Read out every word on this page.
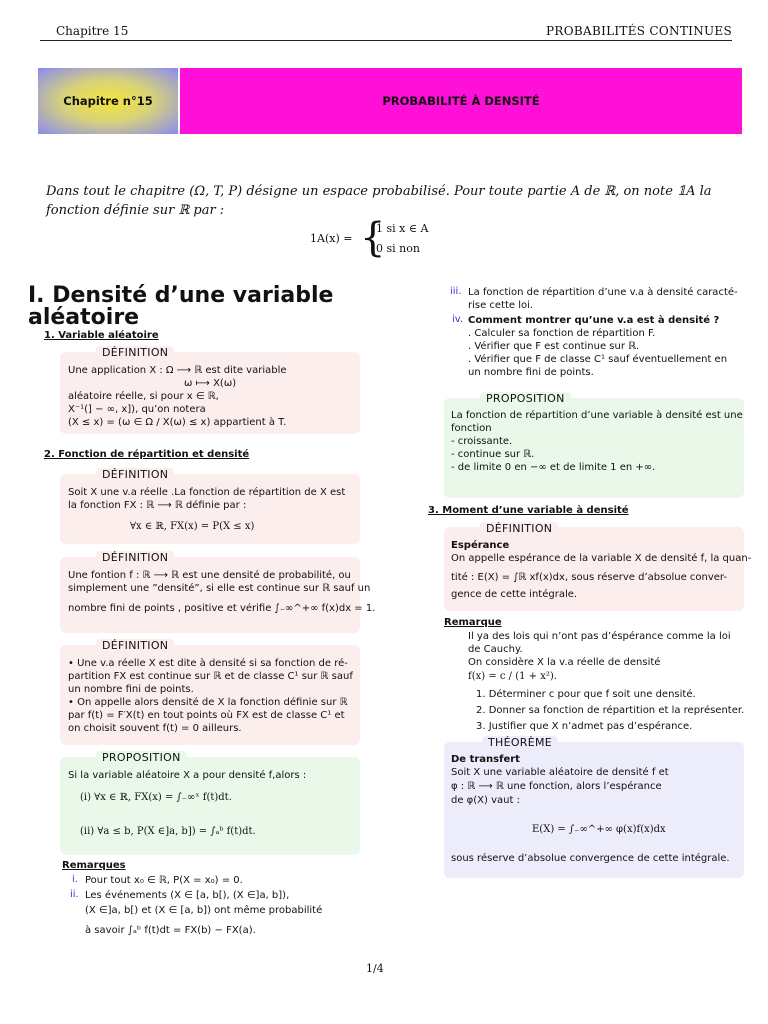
Chapitre 15	PROBABILITÉS CONTINUES
Chapitre n°15	PROBABILITÉ À DENSITÉ
Dans tout le chapitre (Ω, T, P) désigne un espace probabilisé. Pour toute partie A de ℝ, on note 𝟙A la fonction définie sur ℝ par :
1A(x) = {
1 si x ∈ A
0 si non
I. Densité d’une variable aléatoire
1. Variable aléatoire
DÉFINITION
Une application X : Ω ⟶ ℝ est dite variable
ω ⟼ X(ω)
aléatoire réelle, si pour x ∈ ℝ,
X⁻¹(] − ∞, x]), qu’on notera
(X ≤ x) = (ω ∈ Ω / X(ω) ≤ x) appartient à T.
2. Fonction de répartition et densité
DÉFINITION
Soit X une v.a réelle .La fonction de répartition de X est
la fonction FX : ℝ ⟶ ℝ définie par :
∀x ∈ ℝ, FX(x) = P(X ≤ x)
DÉFINITION
Une fontion f : ℝ ⟶ ℝ est une densité de probabilité, ou
simplement une ”densité”, si elle est continue sur ℝ sauf un
nombre fini de points , positive et vérifie ∫₋∞^+∞ f(x)dx = 1.
DÉFINITION
• Une v.a réelle X est dite à densité si sa fonction de ré-
partition FX est continue sur ℝ et de classe C¹ sur ℝ sauf
un nombre fini de points.
• On appelle alors densité de X la fonction définie sur ℝ
par f(t) = F′X(t) en tout points où FX est de classe C¹ et
on choisit souvent f(t) = 0 ailleurs.
PROPOSITION
Si la variable aléatoire X a pour densité f,alors :
(i) ∀x ∈ ℝ, FX(x) = ∫₋∞ˣ f(t)dt.
(ii) ∀a ≤ b, P(X ∈]a, b]) = ∫ₐᵇ f(t)dt.
Remarques
i. Pour tout x₀ ∈ ℝ, P(X = x₀) = 0.
ii. Les événements (X ∈ [a, b[), (X ∈]a, b]),
(X ∈]a, b[) et (X ∈ [a, b]) ont même probabilité
à savoir ∫ₐᵇ f(t)dt = FX(b) − FX(a).
iii. La fonction de répartition d’une v.a à densité caracté-
rise cette loi.
iv. Comment montrer qu’une v.a est à densité ?
. Calculer sa fonction de répartition F.
. Vérifier que F est continue sur ℝ.
. Vérifier que F de classe C¹ sauf éventuellement en
un nombre fini de points.
PROPOSITION
La fonction de répartition d’une variable à densité est une
fonction
- croissante.
- continue sur ℝ.
- de limite 0 en −∞ et de limite 1 en +∞.
3. Moment d’une variable à densité
DÉFINITION
Espérance
On appelle espérance de la variable X de densité f, la quan-
tité : E(X) = ∫ℝ xf(x)dx, sous réserve d’absolue conver-
gence de cette intégrale.
Remarque
Il ya des lois qui n’ont pas d’éspérance comme la loi
de Cauchy.
On considère X la v.a réelle de densité
f(x) = c / (1 + x²).
1. Déterminer c pour que f soit une densité.
2. Donner sa fonction de répartition et la représenter.
3. Justifier que X n’admet pas d’espérance.
THÉORÈME
De transfert
Soit X une variable aléatoire de densité f et
φ : ℝ ⟶ ℝ une fonction, alors l’espérance
de φ(X) vaut :
E(X) = ∫₋∞^+∞ φ(x)f(x)dx
sous réserve d’absolue convergence de cette intégrale.
1/4
